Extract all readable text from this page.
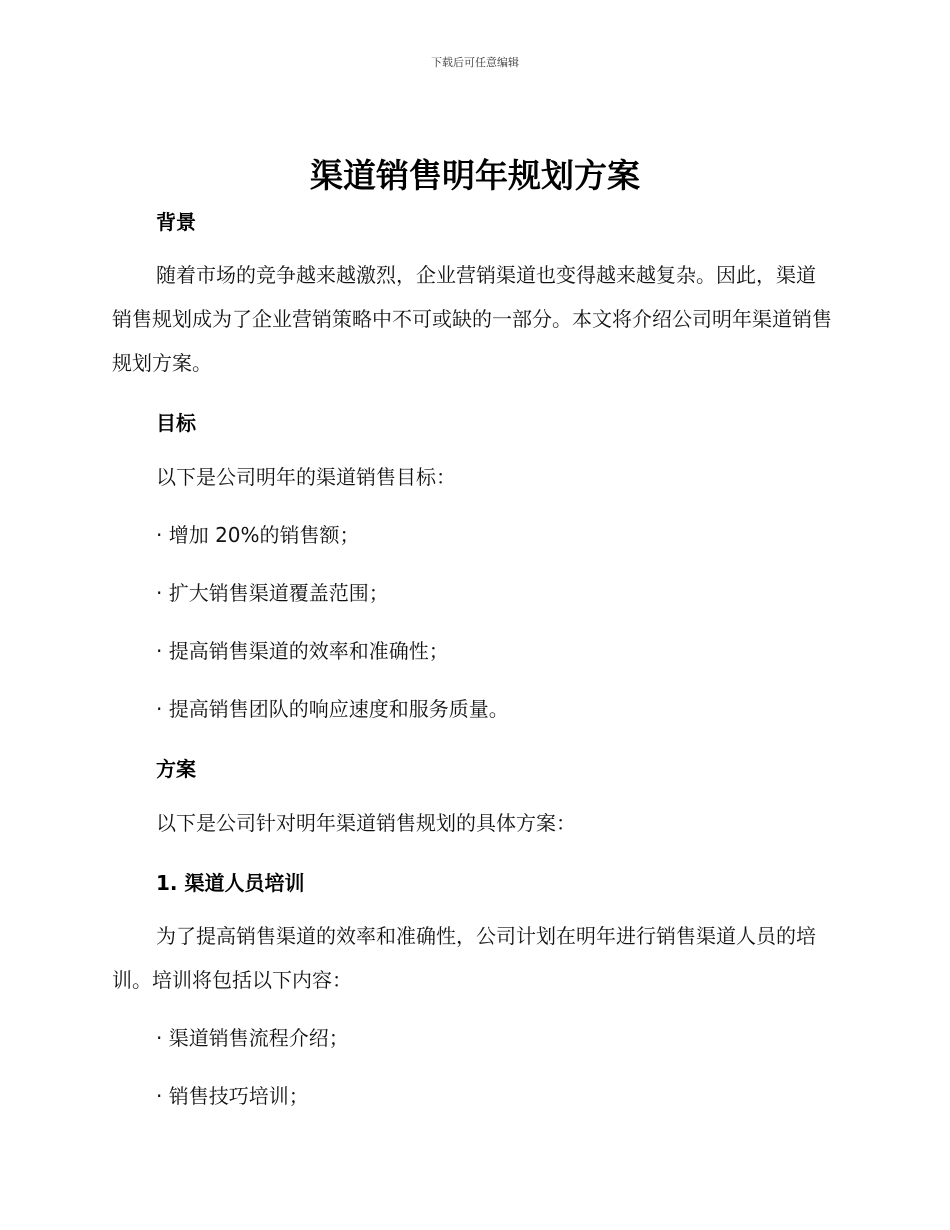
下载后可任意编辑
渠道销售明年规划方案
背景
随着市场的竞争越来越激烈，企业营销渠道也变得越来越复杂。因此，渠道销售规划成为了企业营销策略中不可或缺的一部分。本文将介绍公司明年渠道销售规划方案。
目标
以下是公司明年的渠道销售目标：
· 增加 20%的销售额；
· 扩大销售渠道覆盖范围；
· 提高销售渠道的效率和准确性；
· 提高销售团队的响应速度和服务质量。
方案
以下是公司针对明年渠道销售规划的具体方案：
1. 渠道人员培训
为了提高销售渠道的效率和准确性，公司计划在明年进行销售渠道人员的培训。培训将包括以下内容：
· 渠道销售流程介绍；
· 销售技巧培训；
